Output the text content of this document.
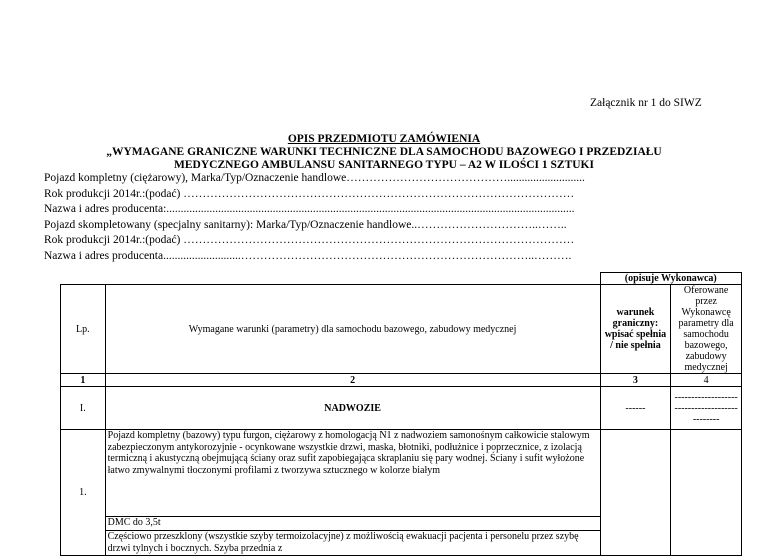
Załącznik nr 1 do SIWZ
OPIS PRZEDMIOTU ZAMÓWIENIA
„WYMAGANE GRANICZNE WARUNKI TECHNICZNE DLA SAMOCHODU BAZOWEGO I PRZEDZIAŁU
MEDYCZNEGO AMBULANSU SANITARNEGO TYPU – A2 W ILOŚCI 1 SZTUKI
Pojazd kompletny (ciężarowy), Marka/Typ/Oznaczenie handlowe……………………………………...........................
Rok produkcji 2014r.:(podać) …………………………………………………………………………………………
Nazwa i adres producenta:..............................................................................................................................................
Pojazd skompletowany (specjalny sanitarny): Marka/Typ/Oznaczenie handlowe..…………………………..……..
Rok produkcji 2014r.:(podać) …………………………………………………………………………………………
Nazwa i adres producenta...........................…………………………………………………………………..……….
		(opisuje Wykonawca)	
Lp.	Wymagane warunki (parametry) dla samochodu bazowego, zabudowy medycznej	warunek graniczny: wpisać spełnia / nie spełnia	Oferowane przez Wykonawcę parametry dla samochodu bazowego, zabudowy medycznej
1	2	3	4
I.	NADWOZIE	------	----------------------------------------------
1.	Pojazd kompletny (bazowy) typu furgon, ciężarowy z homologacją N1 z nadwoziem samonośnym całkowicie stalowym zabezpieczonym antykorozyjnie - ocynkowane wszystkie drzwi, maska, błotniki, podłużnice i poprzecznice, z izolacją termiczną i akustyczną obejmującą ściany oraz sufit zapobiegająca skraplaniu się pary wodnej. Ściany i sufit wyłożone łatwo zmywalnymi tłoczonymi profilami z tworzywa sztucznego w kolorze białym		
	DMC do 3,5t		
	Częściowo przeszklony (wszystkie szyby termoizolacyjne) z możliwością ewakuacji pacjenta i personelu przez szybę drzwi tylnych i bocznych. Szyba przednia z		
